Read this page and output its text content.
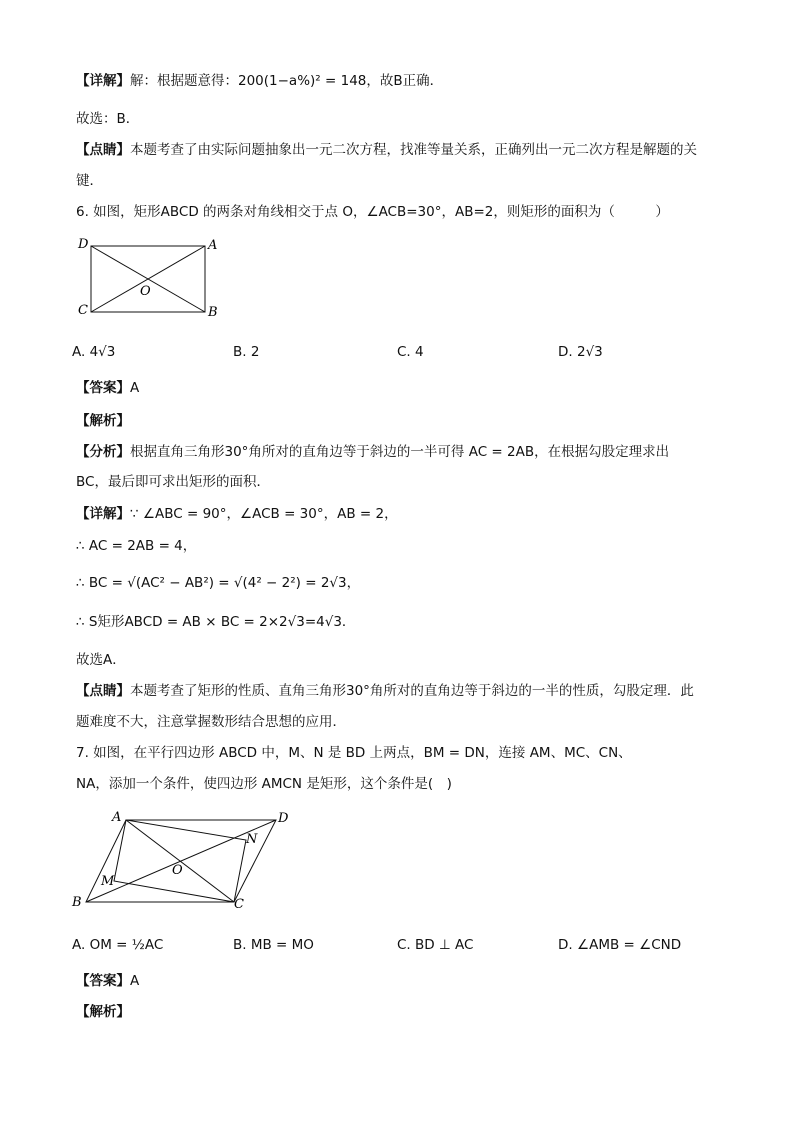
【详解】解：根据题意得：200(1−a%)² = 148，故B正确．
故选：B．
【点睛】本题考查了由实际问题抽象出一元二次方程，找准等量关系，正确列出一元二次方程是解题的关
键．
6. 如图，矩形ABCD 的两条对角线相交于点 O，∠ACB=30°，AB=2，则矩形的面积为（　　　）
D	A
C	B
O
A. 4√3	B. 2	C. 4	D. 2√3
【答案】A
【解析】
【分析】根据直角三角形30°角所对的直角边等于斜边的一半可得 AC = 2AB，在根据勾股定理求出
BC，最后即可求出矩形的面积．
【详解】∵ ∠ABC = 90°，∠ACB = 30°，AB = 2，
∴ AC = 2AB = 4，
∴ BC = √(AC² − AB²) = √(4² − 2²) = 2√3，
∴ S矩形ABCD = AB × BC = 2×2√3=4√3．
故选A．
【点睛】本题考查了矩形的性质、直角三角形30°角所对的直角边等于斜边的一半的性质，勾股定理．此
题难度不大，注意掌握数形结合思想的应用．
7. 如图，在平行四边形 ABCD 中，M、N 是 BD 上两点，BM = DN，连接 AM、MC、CN、
NA，添加一个条件，使四边形 AMCN 是矩形，这个条件是(　)
A	D
N
O
M
B	C
A. OM = ½AC	B. MB = MO	C. BD ⊥ AC	D. ∠AMB = ∠CND
【答案】A
【解析】
